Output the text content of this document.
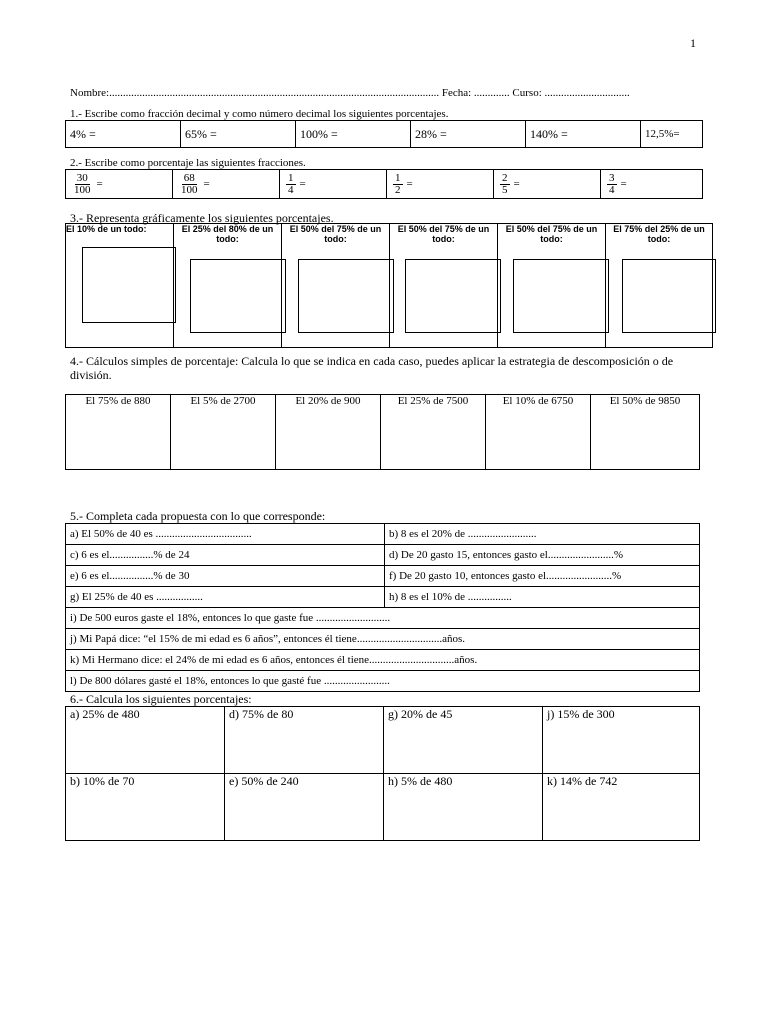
1
Nombre:........................................................................................................................ Fecha: ............. Curso: ...............................
1.- Escribe como fracción decimal y como número decimal los siguientes porcentajes.
4% =	65% =	100% =	28% =	140% =	12,5%=
2.- Escribe como porcentaje las siguientes fracciones.
$\frac{30}{100}$ =	$\frac{68}{100}$ =	$\frac{1}{4}$ =	$\frac{1}{2}$ =	$\frac{2}{5}$ =	$\frac{3}{4}$ =
3.- Representa gráficamente los siguientes porcentajes.
El 10% de un todo:	El 25% del 80% de un todo:	El 50% del 75% de un todo:	El 50% del 75% de un todo:	El 50% del 75% de un todo:	El 75% del 25% de un todo:
4.- Cálculos simples de porcentaje: Calcula lo que se indica en cada caso, puedes aplicar la estrategia de descomposición o de división.
El 75% de 880	El 5% de 2700	El 20% de 900	El 25% de 7500	El 10% de 6750	El 50% de 9850
5.- Completa cada propuesta con lo que corresponde:
a) El 50% de 40 es ...................................	b) 8 es el 20% de .........................
c) 6 es el................% de 24	d) De 20 gasto 15, entonces gasto el........................%
e) 6 es el................% de 30	f) De 20 gasto 10, entonces gasto el........................%
g) El 25% de 40 es .................	h) 8 es el 10% de ................
i) De 500 euros gaste el 18%, entonces lo que gaste fue ...........................	
j) Mi Papá dice: “el 15% de mi edad es 6 años”, entonces él tiene...............................años.	
k) Mi Hermano dice: el 24% de mi edad es 6 años, entonces él tiene...............................años.	
l) De 800 dólares gasté el 18%, entonces lo que gasté fue ........................	
6.- Calcula los siguientes porcentajes:
a) 25% de 480	d) 75% de 80	g) 20% de 45	j) 15% de 300
b) 10% de 70	e) 50% de 240	h) 5% de 480	k) 14% de 742
